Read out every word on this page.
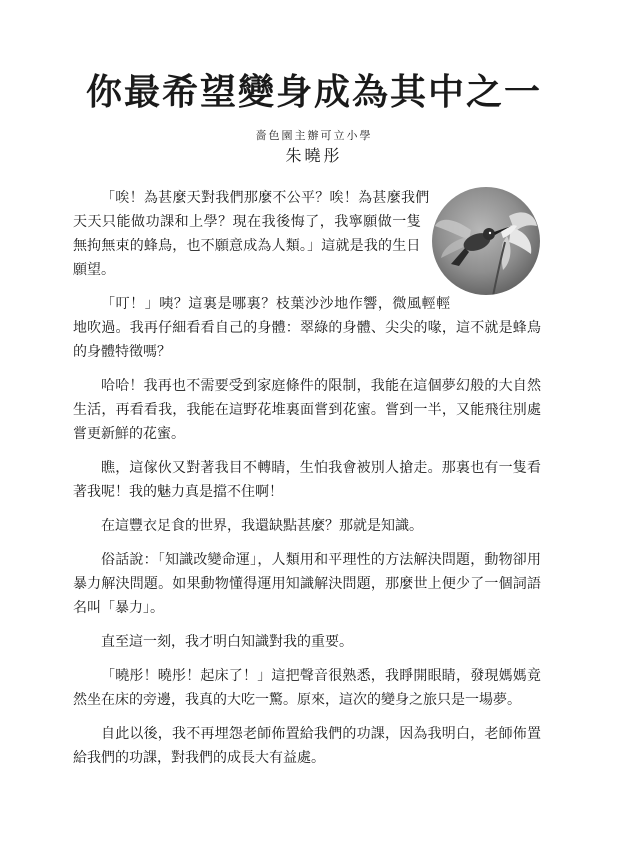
你最希望變身成為其中之一
嗇色園主辦可立小學
朱曉彤

「唉！為甚麼天對我們那麼不公平？唉！為甚麼我們天天只能做功課和上學？現在我後悔了，我寧願做一隻無拘無束的蜂鳥，也不願意成為人類。」這就是我的生日願望。

「叮！」咦？這裏是哪裏？枝葉沙沙地作響，微風輕輕地吹過。我再仔細看看自己的身體：翠綠的身體、尖尖的喙，這不就是蜂鳥的身體特徵嗎？

哈哈！我再也不需要受到家庭條件的限制，我能在這個夢幻般的大自然生活，再看看我，我能在這野花堆裏面嘗到花蜜。嘗到一半，又能飛往別處嘗更新鮮的花蜜。

瞧，這傢伙又對著我目不轉睛，生怕我會被別人搶走。那裏也有一隻看著我呢！我的魅力真是擋不住啊！

在這豐衣足食的世界，我還缺點甚麼？那就是知識。

俗話說：「知識改變命運」，人類用和平理性的方法解決問題，動物卻用暴力解決問題。如果動物懂得運用知識解決問題，那麼世上便少了一個詞語名叫「暴力」。

直至這一刻，我才明白知識對我的重要。

「曉彤！曉彤！起床了！」這把聲音很熟悉，我睜開眼睛，發現媽媽竟然坐在床的旁邊，我真的大吃一驚。原來，這次的變身之旅只是一場夢。

自此以後，我不再埋怨老師佈置給我們的功課，因為我明白，老師佈置給我們的功課，對我們的成長大有益處。
